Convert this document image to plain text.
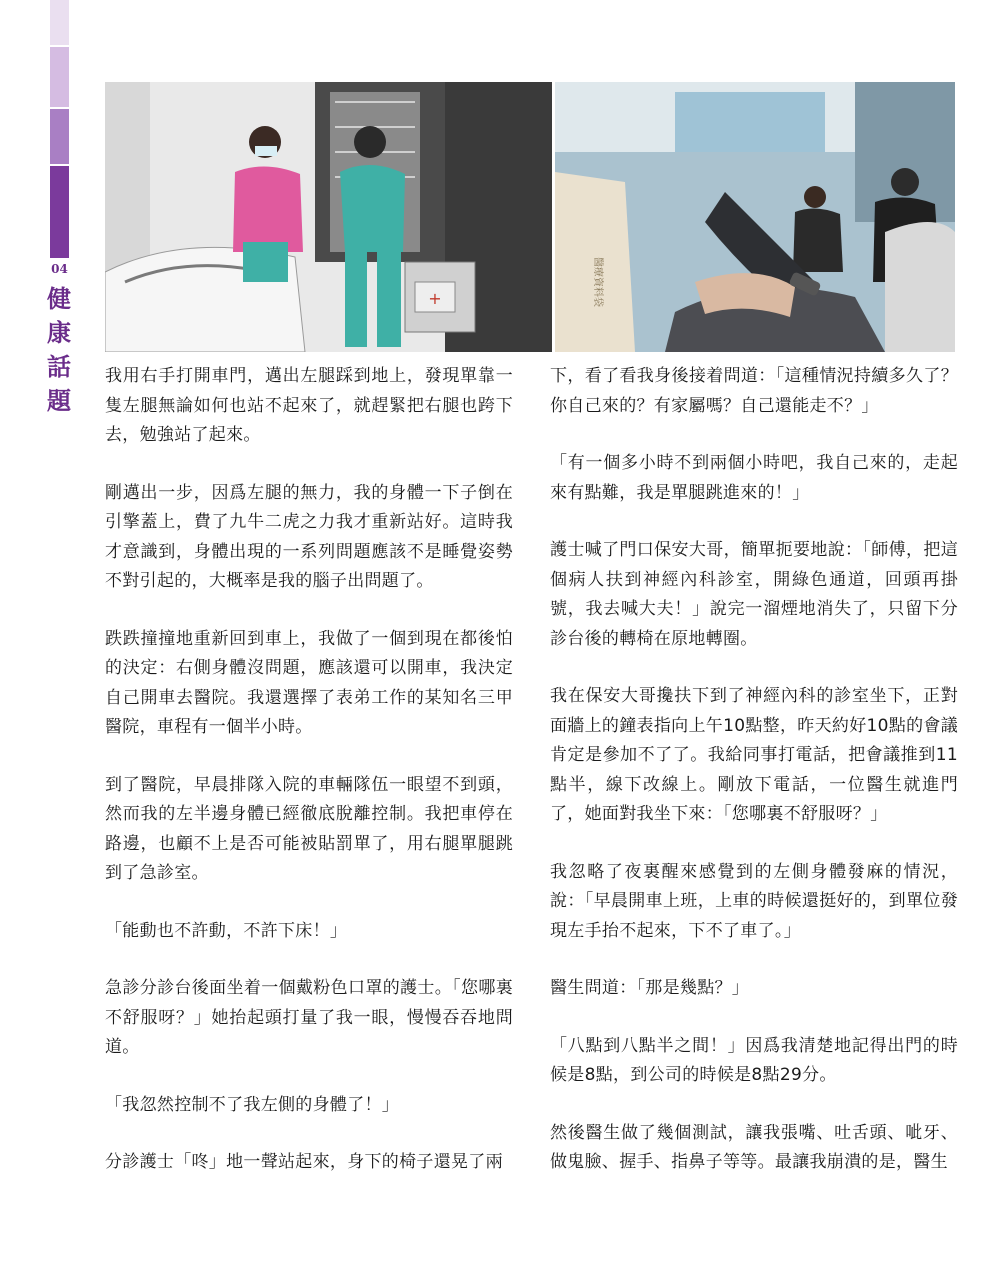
04
健
康
話
題
+	醫療資料袋

我用右手打開車門，邁出左腿踩到地上，發現單靠一隻左腿無論如何也站不起來了，就趕緊把右腿也跨下去，勉強站了起來。

剛邁出一步，因爲左腿的無力，我的身體一下子倒在引擎蓋上，費了九牛二虎之力我才重新站好。這時我才意識到，身體出現的一系列問題應該不是睡覺姿勢不對引起的，大概率是我的腦子出問題了。

跌跌撞撞地重新回到車上，我做了一個到現在都後怕的決定：右側身體沒問題，應該還可以開車，我決定自己開車去醫院。我還選擇了表弟工作的某知名三甲醫院，車程有一個半小時。

到了醫院，早晨排隊入院的車輛隊伍一眼望不到頭，然而我的左半邊身體已經徹底脫離控制。我把車停在路邊，也顧不上是否可能被貼罰單了，用右腿單腿跳到了急診室。

「能動也不許動，不許下床！」

急診分診台後面坐着一個戴粉色口罩的護士。「您哪裏不舒服呀？」她抬起頭打量了我一眼，慢慢吞吞地問道。

「我忽然控制不了我左側的身體了！」

分診護士「咚」地一聲站起來，身下的椅子還晃了兩

下，看了看我身後接着問道：「這種情況持續多久了？你自己來的？有家屬嗎？自己還能走不？」

「有一個多小時不到兩個小時吧，我自己來的，走起來有點難，我是單腿跳進來的！」

護士喊了門口保安大哥，簡單扼要地說：「師傅，把這個病人扶到神經內科診室，開綠色通道，回頭再掛號，我去喊大夫！」說完一溜煙地消失了，只留下分診台後的轉椅在原地轉圈。

我在保安大哥攙扶下到了神經內科的診室坐下，正對面牆上的鐘表指向上午10點整，昨天約好10點的會議肯定是參加不了了。我給同事打電話，把會議推到11點半，線下改線上。剛放下電話，一位醫生就進門了，她面對我坐下來：「您哪裏不舒服呀？」

我忽略了夜裏醒來感覺到的左側身體發麻的情況，說：「早晨開車上班，上車的時候還挺好的，到單位發現左手抬不起來，下不了車了。」

醫生問道：「那是幾點？」

「八點到八點半之間！」因爲我清楚地記得出門的時候是8點，到公司的時候是8點29分。

然後醫生做了幾個測試，讓我張嘴、吐舌頭、呲牙、做鬼臉、握手、指鼻子等等。最讓我崩潰的是，醫生
